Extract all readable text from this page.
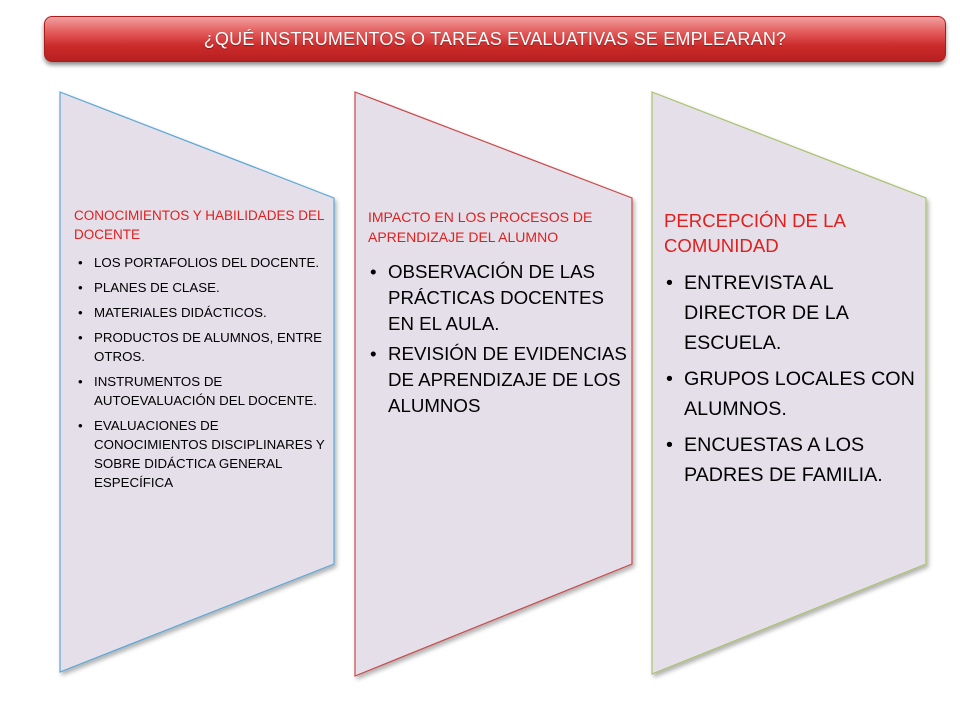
¿QUÉ INSTRUMENTOS O TAREAS EVALUATIVAS SE EMPLEARAN?
CONOCIMIENTOS Y HABILIDADES DEL DOCENTE
• LOS PORTAFOLIOS DEL DOCENTE.
• PLANES DE CLASE.
• MATERIALES DIDÁCTICOS.
• PRODUCTOS DE ALUMNOS, ENTRE OTROS.
• INSTRUMENTOS DE AUTOEVALUACIÓN DEL DOCENTE.
• EVALUACIONES DE CONOCIMIENTOS DISCIPLINARES Y SOBRE DIDÁCTICA GENERAL ESPECÍFICA
IMPACTO EN LOS PROCESOS DE APRENDIZAJE DEL ALUMNO
• OBSERVACIÓN DE LAS PRÁCTICAS DOCENTES EN EL AULA.
• REVISIÓN DE EVIDENCIAS DE APRENDIZAJE DE LOS ALUMNOS
PERCEPCIÓN DE LA COMUNIDAD
• ENTREVISTA AL DIRECTOR DE LA ESCUELA.
• GRUPOS LOCALES CON ALUMNOS.
• ENCUESTAS A LOS PADRES DE FAMILIA.
